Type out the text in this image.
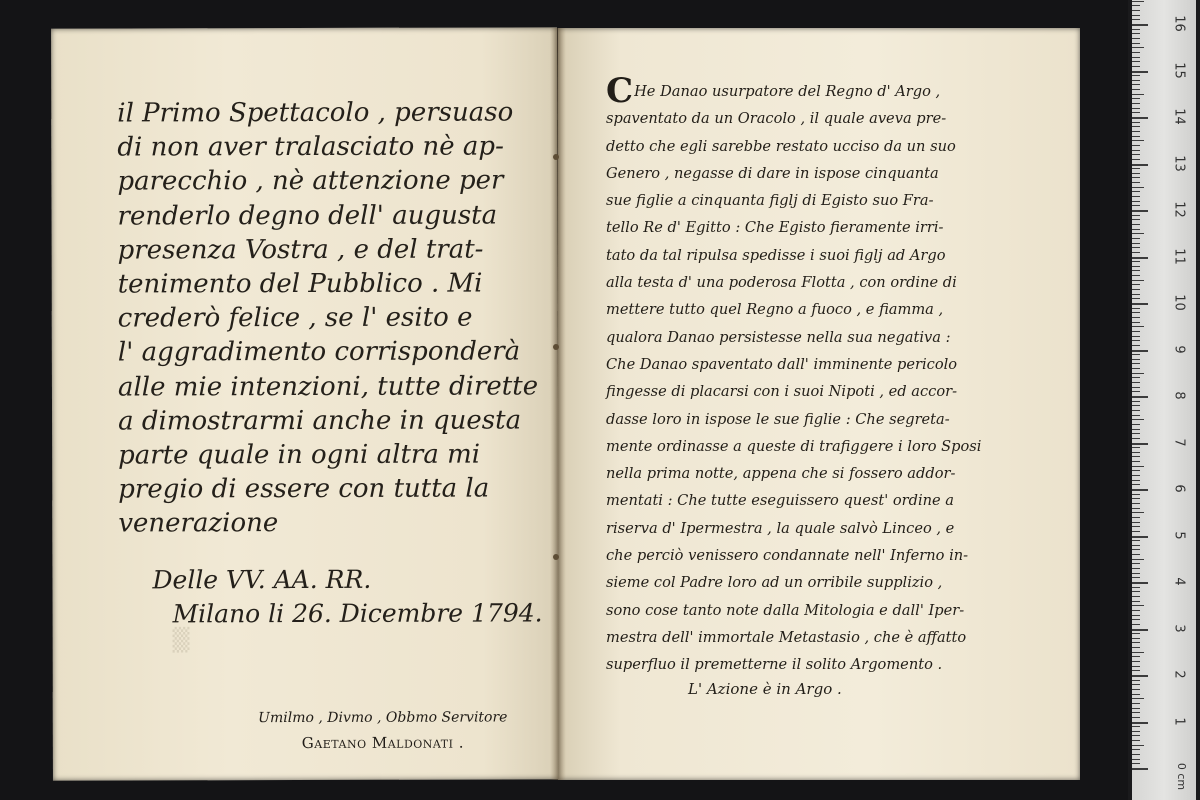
▒
il Primo Spettacolo , persuaso
di non aver tralasciato nè ap-
parecchio , nè attenzione per
renderlo degno dell' augusta
presenza Vostra , e del trat-
tenimento del Pubblico . Mi
crederò felice , se l' esito e
l' aggradimento corrisponderà
alle mie intenzioni, tutte dirette
a dimostrarmi anche in questa
parte quale in ogni altra mi
pregio di essere con tutta la
venerazione
Delle VV. AA. RR.
Milano li 26. Dicembre 1794.
Umilmo , Divmo , Obbmo Servitore
Gaetano Maldonati .
CHe Danao usurpatore del Regno d' Argo ,
spaventato da un Oracolo , il quale aveva pre-
detto che egli sarebbe restato ucciso da un suo
Genero , negasse di dare in ispose cinquanta
sue figlie a cinquanta figlj di Egisto suo Fra-
tello Re d' Egitto : Che Egisto fieramente irri-
tato da tal ripulsa spedisse i suoi figlj ad Argo
alla testa d' una poderosa Flotta , con ordine di
mettere tutto quel Regno a fuoco , e fiamma ,
qualora Danao persistesse nella sua negativa :
Che Danao spaventato dall' imminente pericolo
fingesse di placarsi con i suoi Nipoti , ed accor-
dasse loro in ispose le sue figlie : Che segreta-
mente ordinasse a queste di trafiggere i loro Sposi
nella prima notte, appena che si fossero addor-
mentati : Che tutte eseguissero quest' ordine a
riserva d' Ipermestra , la quale salvò Linceo , e
che perciò venissero condannate nell' Inferno in-
sieme col Padre loro ad un orribile supplizio ,
sono cose tanto note dalla Mitologia e dall' Iper-
mestra dell' immortale Metastasio , che è affatto
superfluo il premetterne il solito Argomento .
L' Azione è in Argo .
16
15
14
13
12
11
10
9
8
7
6
5
4
3
2
1
0 cm
